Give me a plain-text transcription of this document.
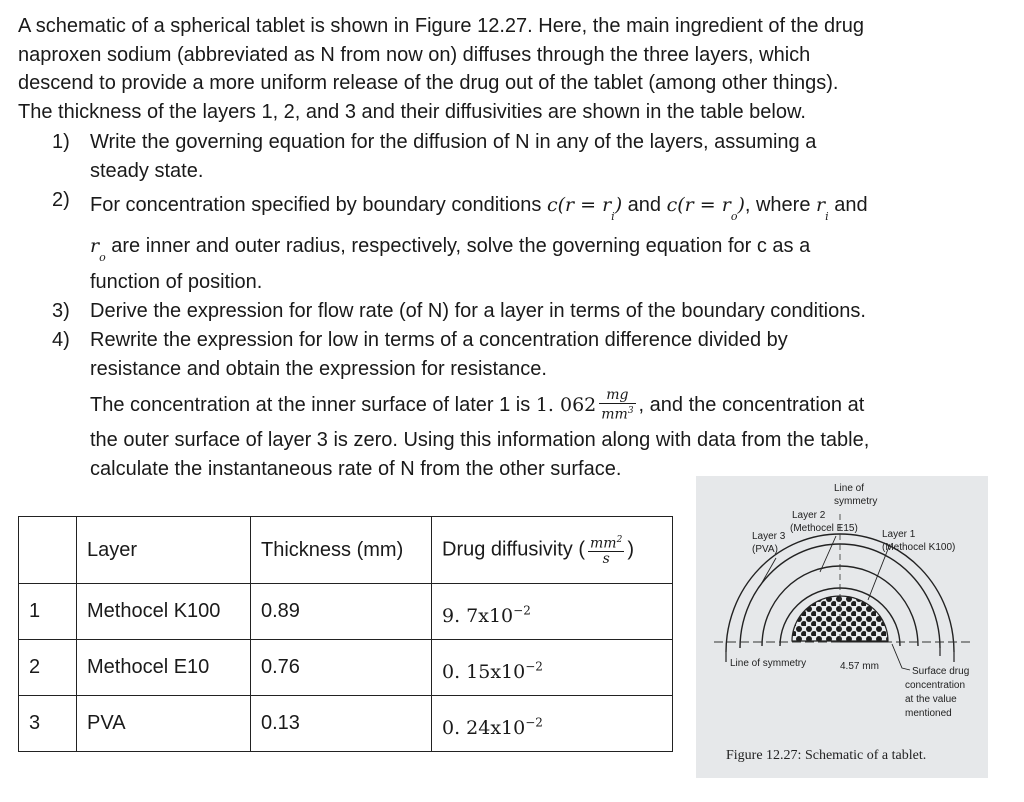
A schematic of a spherical tablet is shown in Figure 12.27. Here, the main ingredient of the drug

naproxen sodium (abbreviated as N from now on) diffuses through the three layers, which

descend to provide a more uniform release of the drug out of the tablet (among other things).

The thickness of the layers 1, 2, and 3 and their diffusivities are shown in the table below.

1)	Write the governing equation for the diffusion of N in any of the layers, assuming a
steady state.
2)	For concentration specified by boundary conditions $c(r = r_i)$ and $c(r = r_o)$, where $r_i$ and
$r_o$ are inner and outer radius, respectively, solve the governing equation for c as a
function of position.
3)	Derive the expression for flow rate (of N) for a layer in terms of the boundary conditions.
4)	Rewrite the expression for low in terms of a concentration difference divided by
resistance and obtain the expression for resistance.
The concentration at the inner surface of later 1 is 1. $062 \frac{mg}{mm^3}$ , and the concentration at
the outer surface of layer 3 is zero. Using this information along with data from the table,
calculate the instantaneous rate of N from the other surface.
	Layer	Thickness (mm)	Drug diffusivity ( $\frac{mm^2}{s}$ )
1	Methocel K100	0.89	9. $7x10^{-2}$
2	Methocel E10	0.76	0. $15x10^{-2}$
3	PVA	0.13	0. $24x10^{-2}$
Line of
symmetry
Layer 2
(Methocel E15)
Layer 3
(PVA)
Layer 1
(Methocel K100)
Line of symmetry	4.57 mm	Surface drug
concentration
at the value
mentioned
Figure 12.27: Schematic of a tablet.
